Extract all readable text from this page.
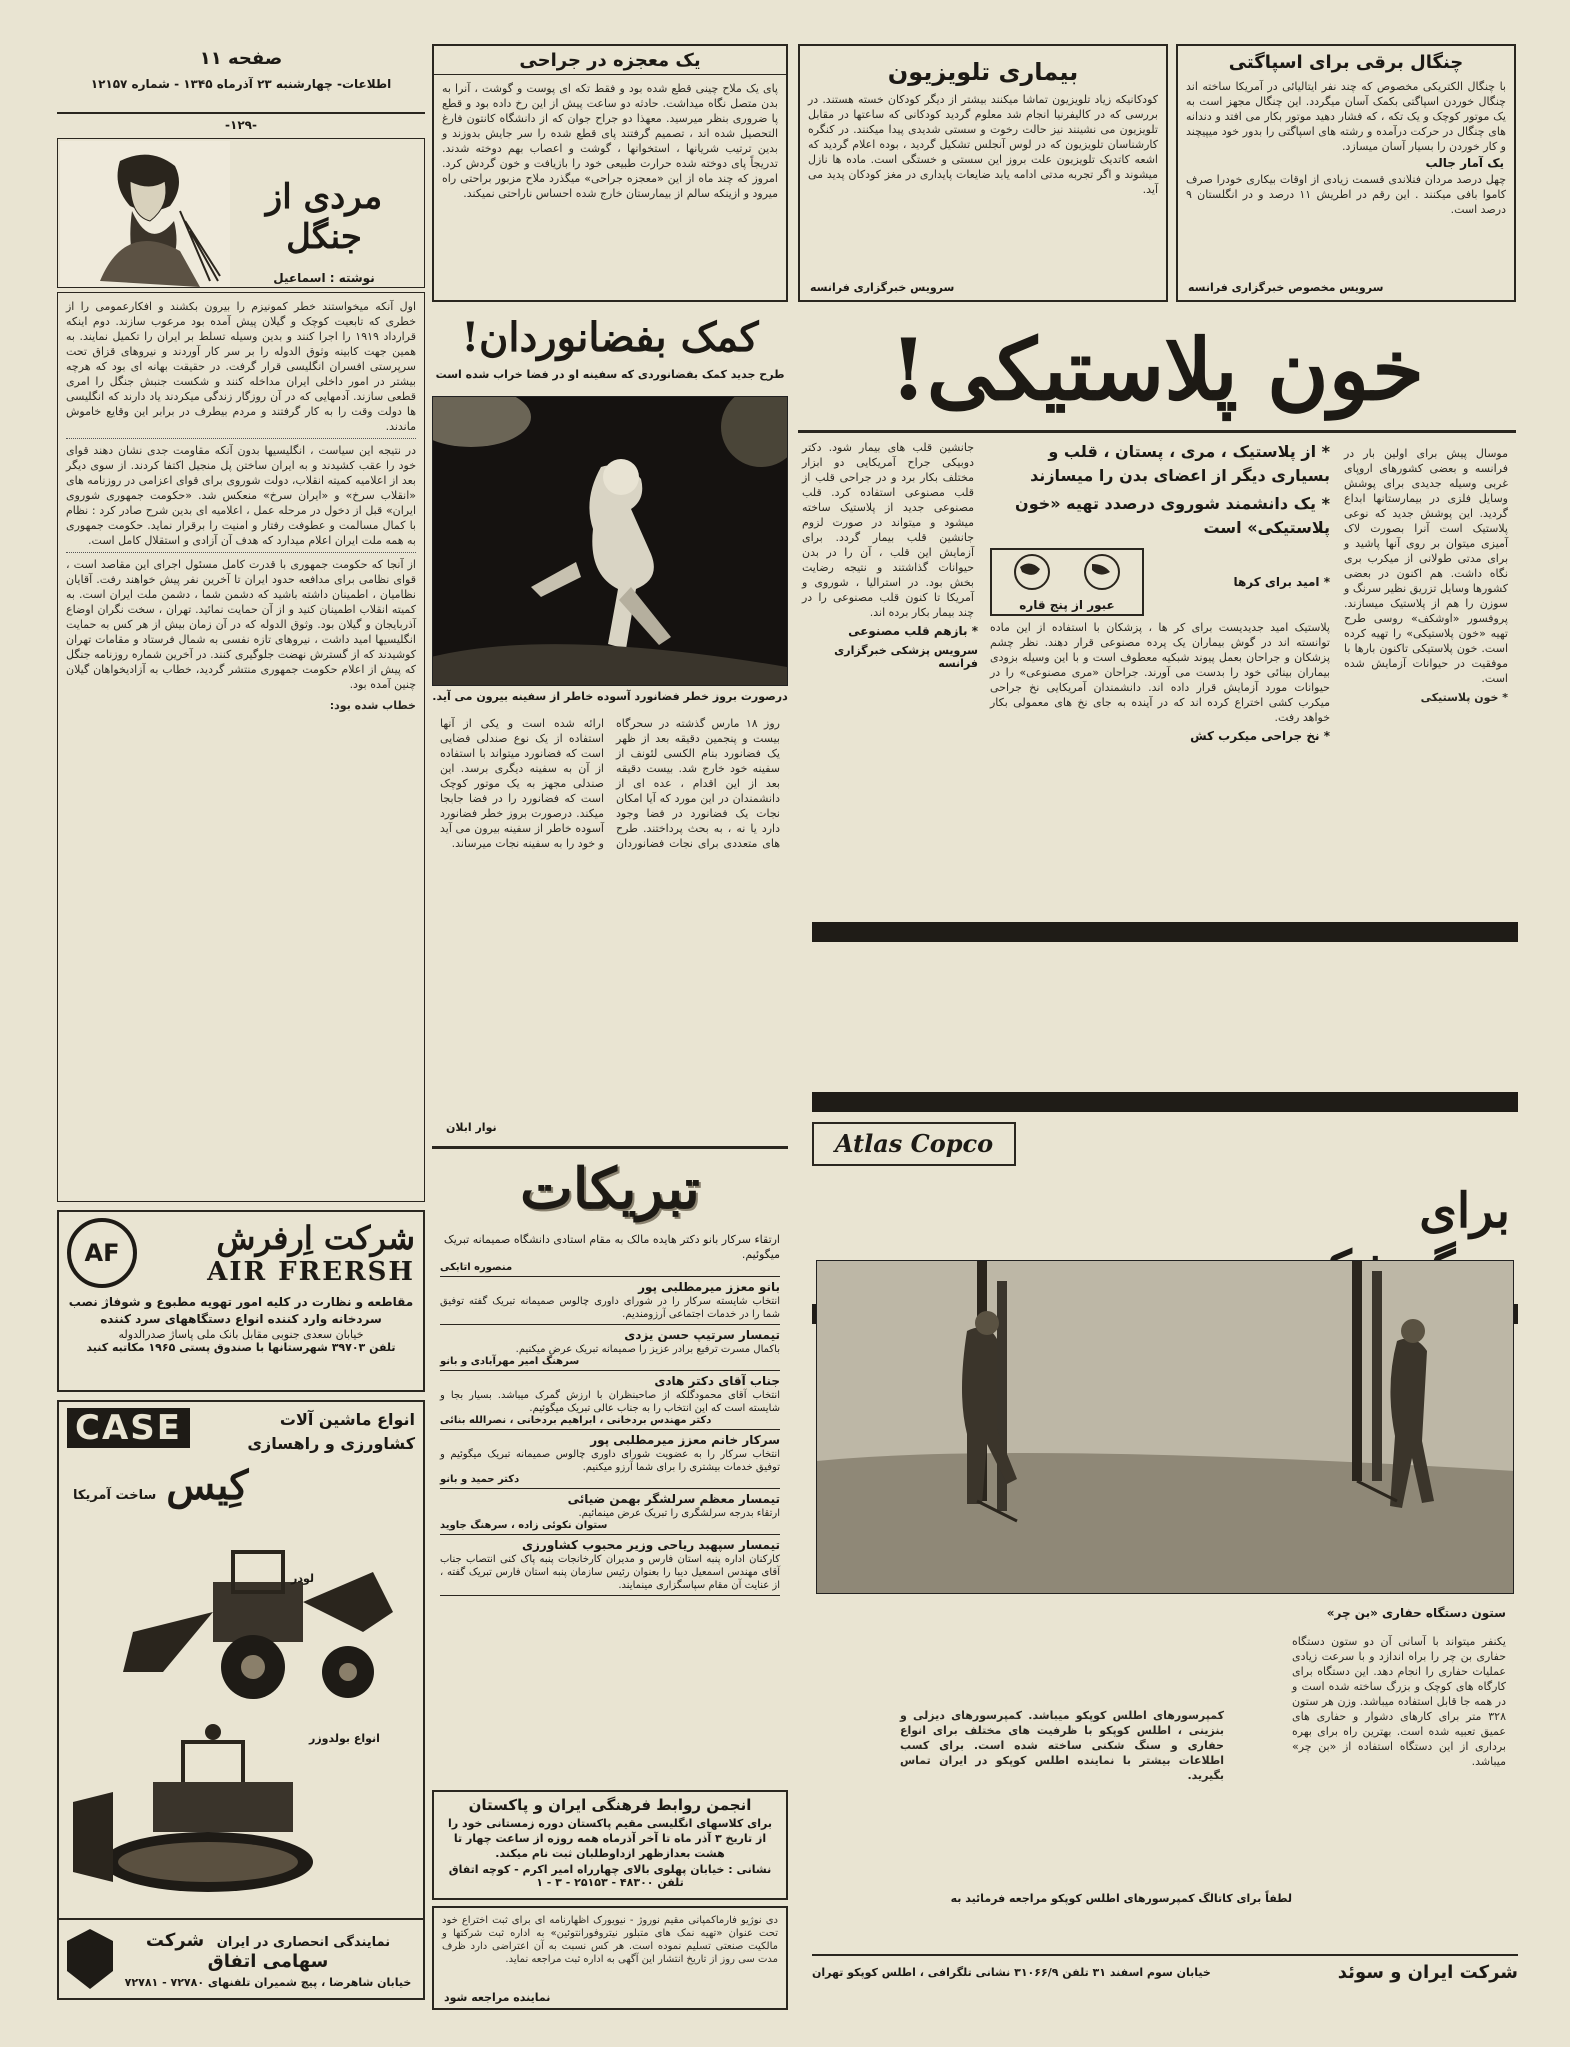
صفحه ۱۱
اطلاعات- چهارشنبه ۲۳ آذرماه ۱۳۴۵ - شماره ۱۲۱۵۷
-۱۲۹-
مردی از جنگل
نوشته : اسماعیل
اول آنکه میخواستند خطر کمونیزم را بیرون بکشند و افکارعمومی را از خطری که تابعیت کوچک و گیلان پیش آمده بود مرعوب سازند. دوم اینکه قرارداد ۱۹۱۹ را اجرا کنند و بدین وسیله تسلط بر ایران را تکمیل نمایند. به همین جهت کابینه وثوق الدوله را بر سر کار آوردند و نیروهای قزاق تحت سرپرستی افسران انگلیسی قرار گرفت. در حقیقت بهانه ای بود که هرچه بیشتر در امور داخلی ایران مداخله کنند و شکست جنبش جنگل را امری قطعی سازند. آدمهایی که در آن روزگار زندگی میکردند یاد دارند که انگلیسی ها دولت وقت را به کار گرفتند و مردم بیطرف در برابر این وقایع خاموش ماندند.
در نتیجه این سیاست ، انگلیسیها بدون آنکه مقاومت جدی نشان دهند قوای خود را عقب کشیدند و به ایران ساختن پل منجیل اکتفا کردند. از سوی دیگر بعد از اعلامیه کمیته انقلاب، دولت شوروی برای قوای اعزامی در روزنامه های «انقلاب سرخ» و «ایران سرخ» منعکس شد. «حکومت جمهوری شوروی ایران» قبل از دخول در مرحله عمل ، اعلامیه ای بدین شرح صادر کرد : نظام با کمال مسالمت و عطوفت رفتار و امنیت را برقرار نماید. حکومت جمهوری به همه ملت ایران اعلام میدارد که هدف آن آزادی و استقلال کامل است.
از آنجا که حکومت جمهوری با قدرت کامل مسئول اجرای این مقاصد است ، قوای نظامی برای مدافعه حدود ایران تا آخرین نفر پیش خواهند رفت. آقایان نظامیان ، اطمینان داشته باشید که دشمن شما ، دشمن ملت ایران است. به کمیته انقلاب اطمینان کنید و از آن حمایت نمائید. تهران ، سخت نگران اوضاع آذربایجان و گیلان بود. وثوق الدوله که در آن زمان بیش از هر کس به حمایت انگلیسیها امید داشت ، نیروهای تازه نفسی به شمال فرستاد و مقامات تهران کوشیدند که از گسترش نهضت جلوگیری کنند. در آخرین شماره روزنامه جنگل که پیش از اعلام حکومت جمهوری منتشر گردید، خطاب به آزادیخواهان گیلان چنین آمده بود.
خطاب شده بود:
AF	شرکت اِرفرش
AIR FRERSH
مقاطعه و نظارت در کلیه امور تهویه مطبوع و شوفاژ نصب سردخانه وارد کننده انواع دستگاههای سرد کننده
خیابان سعدی جنوبی مقابل بانک ملی پاساژ صدرالدوله
تلفن ۳۹۷۰۳ شهرستانها با صندوق پستی ۱۹۶۵ مکاتبه کنید
CASE	انواع ماشین آلات کشاورزی و راهسازی
کِیس
ساخت آمریکا
لودر
انواع بولدوزر
نمایندگی انحصاری در ایران شرکت سهامی اتفاق
خیابان شاهرضا ، پیچ شمیران تلفنهای ۷۲۷۸۰ - ۷۲۷۸۱
یک معجزه در جراحی
پای یک ملاح چینی قطع شده بود و فقط تکه ای پوست و گوشت ، آنرا به بدن متصل نگاه میداشت. حادثه دو ساعت پیش از این رخ داده بود و قطع پا ضروری بنظر میرسید. معهذا دو جراح جوان که از دانشگاه کانتون فارغ التحصیل شده اند ، تصمیم گرفتند پای قطع شده را سر جایش بدوزند و بدین ترتیب شریانها ، استخوانها ، گوشت و اعصاب بهم دوخته شدند. تدریجاً پای دوخته شده حرارت طبیعی خود را بازیافت و خون گردش کرد. امروز که چند ماه از این «معجزه جراحی» میگذرد ملاح مزبور براحتی راه میرود و ازینکه سالم از بیمارستان خارج شده احساس ناراحتی نمیکند.
بیماری تلویزیون
کودکانیکه زیاد تلویزیون تماشا میکنند بیشتر از دیگر کودکان خسته هستند. در بررسی که در کالیفرنیا انجام شد معلوم گردید کودکانی که ساعتها در مقابل تلویزیون می نشینند نیز حالت رخوت و سستی شدیدی پیدا میکنند. در کنگره کارشناسان تلویزیون که در لوس آنجلس تشکیل گردید ، بوده اعلام گردید که اشعه کاتدیک تلویزیون علت بروز این سستی و خستگی است. ماده ها نازل میشوند و اگر تجربه مدتی ادامه یابد ضایعات پایداری در مغز کودکان پدید می آید.
سرویس خبرگزاری فرانسه
چنگال برقی برای اسپاگتی
با چنگال الکتریکی مخصوص که چند نفر ایتالیائی در آمریکا ساخته اند چنگال خوردن اسپاگتی بکمک آسان میگردد. این چنگال مجهز است به یک موتور کوچک و یک تکه ، که فشار دهید موتور بکار می افتد و دندانه های چنگال در حرکت درآمده و رشته های اسپاگتی را بدور خود میپیچند و کار خوردن را بسیار آسان میسازد.
یک آمار جالب
چهل درصد مردان فنلاندی قسمت زیادی از اوقات بیکاری خودرا صرف کاموا بافی میکنند . این رقم در اطریش ۱۱ درصد و در انگلستان ۹ درصد است.
سرویس مخصوص خبرگزاری فرانسه
کمک بفضانوردان!
طرح جدید کمک بفضانوردی که سفینه او در فضا خراب شده است
درصورت بروز خطر فضانورد آسوده خاطر از سفینه بیرون می آید.
روز ۱۸ مارس گذشته در سحرگاه بیست و پنجمین دقیقه بعد از ظهر یک فضانورد بنام الکسی لئونف از سفینه خود خارج شد. بیست دقیقه بعد از این اقدام ، عده ای از دانشمندان در این مورد که آیا امکان نجات یک فضانورد در فضا وجود دارد یا نه ، به بحث پرداختند. طرح های متعددی برای نجات فضانوردان ارائه شده است و یکی از آنها استفاده از یک نوع صندلی فضایی است که فضانورد میتواند با استفاده از آن به سفینه دیگری برسد. این صندلی مجهز به یک موتور کوچک است که فضانورد را در فضا جابجا میکند. درصورت بروز خطر فضانورد آسوده خاطر از سفینه بیرون می آید و خود را به سفینه نجات میرساند.
نوار ابلان
تبریکات
ارتقاء سرکار بانو دکتر هایده مالک به مقام استادی دانشگاه صمیمانه تبریک میگوئیم.
منصوره اتابکی
بانو معزز میرمطلبی پور
انتخاب شایسته سرکار را در شورای داوری چالوس صمیمانه تبریک گفته توفیق شما را در خدمات اجتماعی آرزومندیم.
تیمسار سرتیپ حسن یزدی
باکمال مسرت ترفیع برادر عزیز را صمیمانه تبریک عرض میکنیم.
سرهنگ امیر مهرآبادی و بانو
جناب آقای دکتر هادی
انتخاب آقای محمودگلکه از صاحبنظران با ارزش گمرک میباشد. بسیار بجا و شایسته است که این انتخاب را به جناب عالی تبریک میگوئیم.
دکتر مهندس بردخانی ، ابراهیم بردخانی ، نصرالله بنائی
سرکار خانم معزز میرمطلبی پور
انتخاب سرکار را به عضویت شورای داوری چالوس صمیمانه تبریک میگوئیم و توفیق خدمات بیشتری را برای شما آرزو میکنیم.
دکتر حمید و بانو
تیمسار معظم سرلشگر بهمن ضیائی
ارتقاء بدرجه سرلشگری را تبریک عرض مینمائیم.
ستوان نکوئی زاده ، سرهنگ جاوید
تیمسار سپهبد ریاحی وزیر محبوب کشاورزی
کارکنان اداره پنبه استان فارس و مدیران کارخانجات پنبه پاک کنی انتصاب جناب آقای مهندس اسمعیل دیبا را بعنوان رئیس سازمان پنبه استان فارس تبریک گفته ، از عنایت آن مقام سپاسگزاری مینمایند.
انجمن روابط فرهنگی ایران و پاکستان
برای کلاسهای انگلیسی مقیم پاکستان دوره زمستانی خود را از تاریخ ۳ آذر ماه تا آخر آذرماه همه روزه از ساعت چهار تا هشت بعدازظهر ازداوطلبان ثبت نام میکند.
نشانی : خیابان پهلوی بالای چهارراه امیر اکرم - کوچه اتفاق
تلفن ۴۸۳۰۰ - ۲۵۱۵۳ - ۳ - ۱
دی نوژیو فارماکمپانی مقیم نوروژ - نیویورک اظهارنامه ای برای ثبت اختراع خود تحت عنوان «تهیه نمک های متبلور نیتروفورانتوئین» به اداره ثبت شرکتها و مالکیت صنعتی تسلیم نموده است. هر کس نسبت به آن اعتراضی دارد ظرف مدت سی روز از تاریخ انتشار این آگهی به اداره ثبت مراجعه نماید.
نماینده مراجعه شود
خون پلاستیکی!
موسال پیش برای اولین بار در فرانسه و بعضی کشورهای اروپای غربی وسیله جدیدی برای پوشش وسایل فلزی در بیمارستانها ابداع گردید. این پوشش جدید که نوعی پلاستیک است آنرا بصورت لاک آمیزی میتوان بر روی آنها پاشید و برای مدتی طولانی از میکرب بری نگاه داشت. هم اکنون در بعضی کشورها وسایل تزریق نظیر سرنگ و سوزن را هم از پلاستیک میسازند. پروفسور «اوشکف» روسی طرح تهیه «خون پلاستیکی» را تهیه کرده است. خون پلاستیکی تاکنون بارها با موفقیت در حیوانات آزمایش شده است.
* خون پلاستیکی
* از پلاستیک ، مری ، پستان ، قلب و بسیاری دیگر از اعضای بدن را میسازند
* یک دانشمند شوروی درصدد تهیه «خون پلاستیکی» است
عبور از پنج قاره
* امید برای کرها
پلاستیک امید جدیدیست برای کر ها ، پزشکان با استفاده از این ماده توانسته اند در گوش بیماران یک پرده مصنوعی قرار دهند. نظر چشم پزشکان و جراحان بعمل پیوند شبکیه معطوف است و با این وسیله بزودی بیماران بینائی خود را بدست می آورند. جراحان «مری مصنوعی» را در حیوانات مورد آزمایش قرار داده اند. دانشمندان آمریکایی نخ جراحی میکرب کشی اختراع کرده اند که در آینده به جای نخ های معمولی بکار خواهد رفت.
* نخ جراحی میکرب کش
جانشین قلب های بیمار شود. دکتر دوبیکی جراح آمریکایی دو ابزار مختلف بکار برد و در جراحی قلب از قلب مصنوعی استفاده کرد. قلب مصنوعی جدید از پلاستیک ساخته میشود و میتواند در صورت لزوم جانشین قلب بیمار گردد. برای آزمایش این قلب ، آن را در بدن حیوانات گذاشتند و نتیجه رضایت بخش بود. در استرالیا ، شوروی و آمریکا تا کنون قلب مصنوعی را در چند بیمار بکار برده اند.
* بازهم قلب مصنوعی
سرویس پزشکی خبرگزاری فرانسه
Atlas Copco
برای
ستون دستگاه حفاری «بن چر»
یکنفر میتواند با آسانی آن دو ستون دستگاه حفاری بن چر را براه اندازد و با سرعت زیادی عملیات حفاری را انجام دهد. این دستگاه برای کارگاه های کوچک و بزرگ ساخته شده است و در همه جا قابل استفاده میباشد. وزن هر ستون ۳۲۸ متر برای کارهای دشوار و حفاری های عمیق تعبیه شده است. بهترین راه برای بهره برداری از این دستگاه استفاده از «بن چر» میباشد.
کمپرسورهای اطلس کوپکو میباشد. کمپرسورهای دیزلی و بنزینی ، اطلس کوپکو با ظرفیت های مختلف برای انواع حفاری و سنگ شکنی ساخته شده است. برای کسب اطلاعات بیشتر با نماینده اطلس کوپکو در ایران تماس بگیرید.
لطفاً برای کاتالگ کمپرسورهای اطلس کوپکو مراجعه فرمائید به
شرکت ایران و سوئد
خیابان سوم اسفند ۳۱ تلفن ۳۱۰۶۶/۹ نشانی تلگرافی ، اطلس کوپکو تهران
